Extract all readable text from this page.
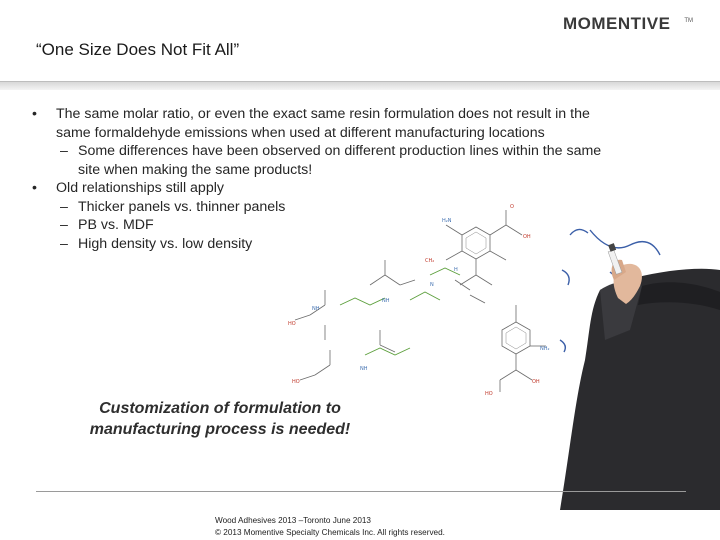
“One Size Does Not Fit All”
MOMENTIVE TM
H₂N
H
N
NH
NH
NH₂
NH
O
OH
HO
HO
HO
OH
CH₂
• The same molar ratio, or even the exact same resin formulation does not result in the
same formaldehyde emissions when used at different manufacturing locations
– Some differences have been observed on different production lines within the same
site when making the same products!
• Old relationships still apply
– Thicker panels vs. thinner panels
– PB vs. MDF
– High density vs. low density
Customization of formulation to
manufacturing process is needed!
Wood Adhesives 2013 –Toronto June 2013
© 2013 Momentive Specialty Chemicals Inc. All rights reserved.
